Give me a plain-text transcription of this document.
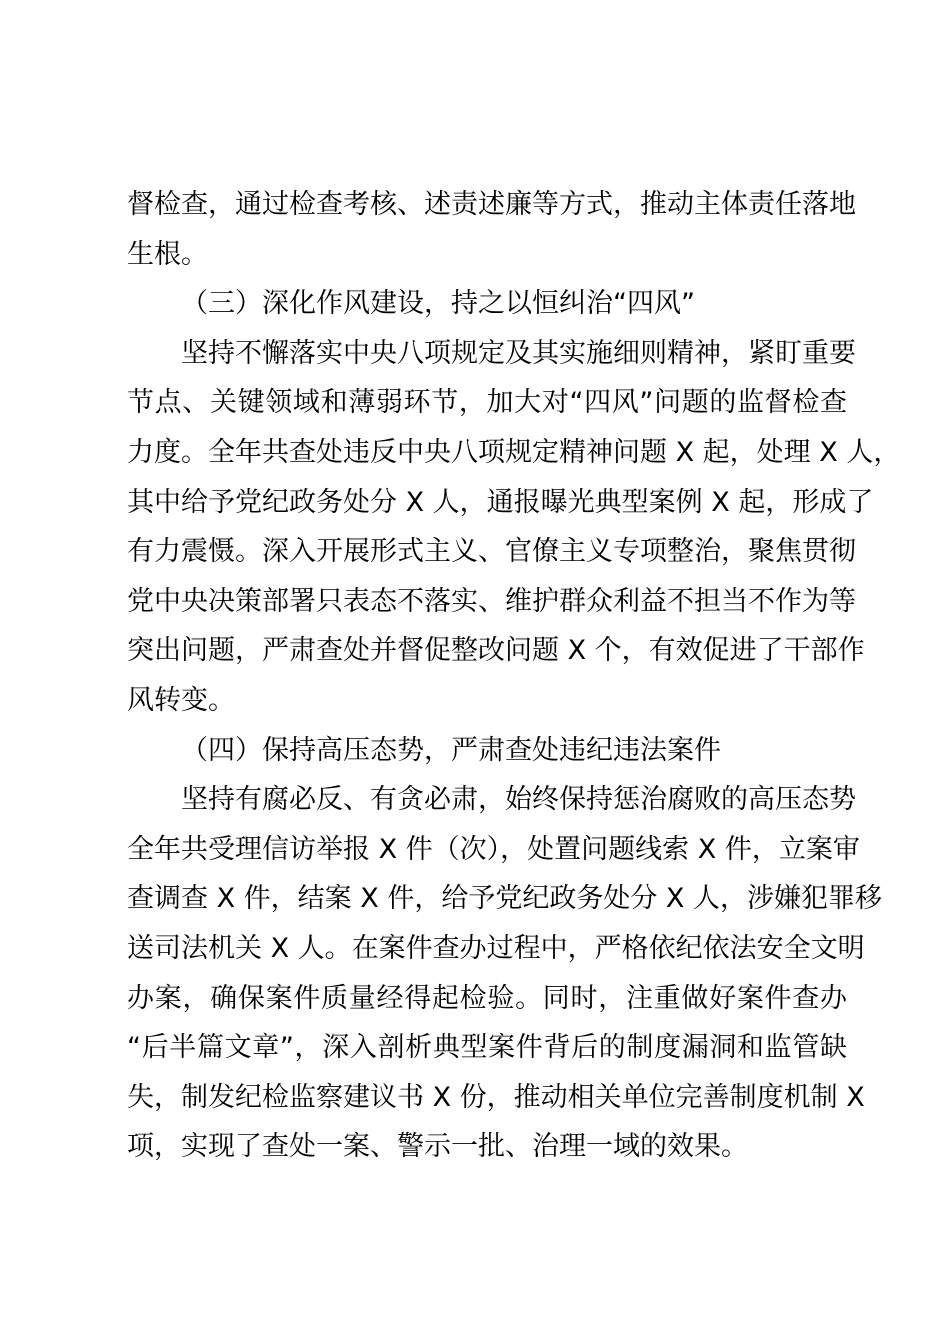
督检查，通过检查考核、述责述廉等方式，推动主体责任落地
生根。
（三）深化作风建设，持之以恒纠治“四风”
坚持不懈落实中央八项规定及其实施细则精神，紧盯重要
节点、关键领域和薄弱环节，加大对“四风”问题的监督检查
力度。全年共查处违反中央八项规定精神问题 X 起，处理 X 人，
其中给予党纪政务处分 X 人，通报曝光典型案例 X 起，形成了
有力震慑。深入开展形式主义、官僚主义专项整治，聚焦贯彻
党中央决策部署只表态不落实、维护群众利益不担当不作为等
突出问题，严肃查处并督促整改问题 X 个，有效促进了干部作
风转变。
（四）保持高压态势，严肃查处违纪违法案件
坚持有腐必反、有贪必肃，始终保持惩治腐败的高压态势
全年共受理信访举报 X 件（次），处置问题线索 X 件，立案审
查调查 X 件，结案 X 件，给予党纪政务处分 X 人，涉嫌犯罪移
送司法机关 X 人。在案件查办过程中，严格依纪依法安全文明
办案，确保案件质量经得起检验。同时，注重做好案件查办
“后半篇文章”，深入剖析典型案件背后的制度漏洞和监管缺
失，制发纪检监察建议书 X 份，推动相关单位完善制度机制 X
项，实现了查处一案、警示一批、治理一域的效果。
